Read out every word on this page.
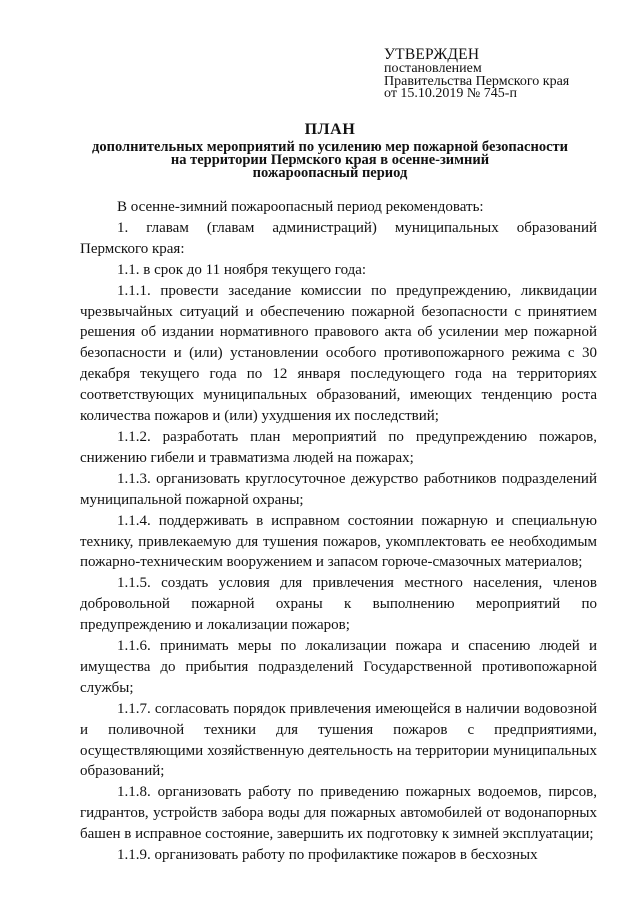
УТВЕРЖДЕН
постановлением
Правительства Пермского края
от 15.10.2019 № 745-п
ПЛАН
дополнительных мероприятий по усилению мер пожарной безопасности
на территории Пермского края в осенне-зимний
пожароопасный период

В осенне-зимний пожароопасный период рекомендовать:

1. главам (главам администраций) муниципальных образований Пермского края:

1.1. в срок до 11 ноября текущего года:

1.1.1. провести заседание комиссии по предупреждению, ликвидации чрезвычайных ситуаций и обеспечению пожарной безопасности с принятием решения об издании нормативного правового акта об усилении мер пожарной безопасности и (или) установлении особого противопожарного режима с 30 декабря текущего года по 12 января последующего года на территориях соответствующих муниципальных образований, имеющих тенденцию роста количества пожаров и (или) ухудшения их последствий;

1.1.2. разработать план мероприятий по предупреждению пожаров, снижению гибели и травматизма людей на пожарах;

1.1.3. организовать круглосуточное дежурство работников подразделений муниципальной пожарной охраны;

1.1.4. поддерживать в исправном состоянии пожарную и специальную технику, привлекаемую для тушения пожаров, укомплектовать ее необходимым пожарно-техническим вооружением и запасом горюче-смазочных материалов;

1.1.5. создать условия для привлечения местного населения, членов добровольной пожарной охраны к выполнению мероприятий по предупреждению и локализации пожаров;

1.1.6. принимать меры по локализации пожара и спасению людей и имущества до прибытия подразделений Государственной противопожарной службы;

1.1.7. согласовать порядок привлечения имеющейся в наличии водовозной и поливочной техники для тушения пожаров с предприятиями, осуществляющими хозяйственную деятельность на территории муниципальных образований;

1.1.8. организовать работу по приведению пожарных водоемов, пирсов, гидрантов, устройств забора воды для пожарных автомобилей от водонапорных башен в исправное состояние, завершить их подготовку к зимней эксплуатации;

1.1.9. организовать работу по профилактике пожаров в бесхозных
